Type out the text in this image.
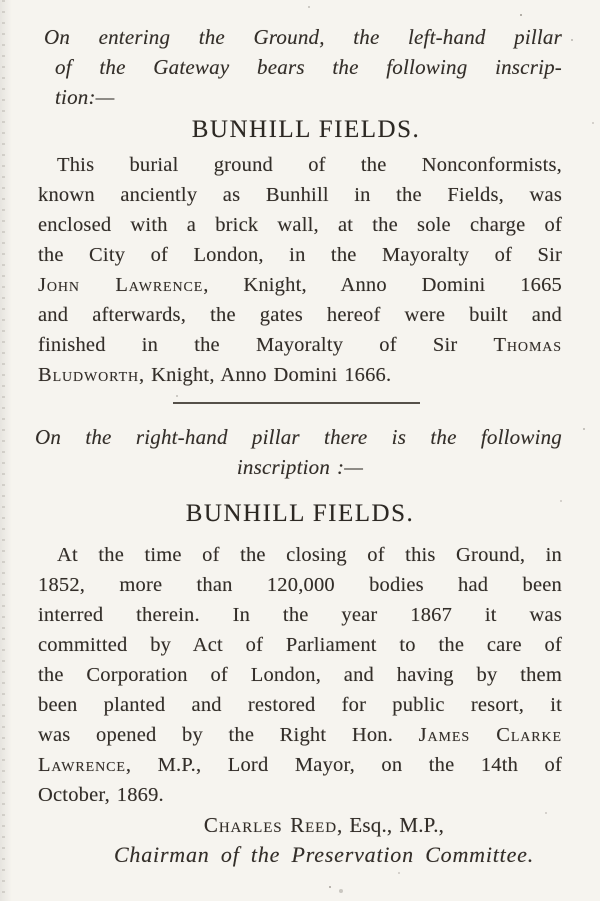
On entering the Ground, the left-hand pillar
of the Gateway bears the following inscrip-
tion:—
BUNHILL FIELDS.
This burial ground of the Nonconformists,
known anciently as Bunhill in the Fields, was
enclosed with a brick wall, at the sole charge of
the City of London, in the Mayoralty of Sir
John Lawrence, Knight, Anno Domini 1665
and afterwards, the gates hereof were built and
finished in the Mayoralty of Sir Thomas
Bludworth, Knight, Anno Domini 1666.
On the right-hand pillar there is the following
inscription :—
BUNHILL FIELDS.
At the time of the closing of this Ground, in
1852, more than 120,000 bodies had been
interred therein. In the year 1867 it was
committed by Act of Parliament to the care of
the Corporation of London, and having by them
been planted and restored for public resort, it
was opened by the Right Hon. James Clarke
Lawrence, M.P., Lord Mayor, on the 14th of
October, 1869.
Charles Reed, Esq., M.P.,
Chairman of the Preservation Committee.
